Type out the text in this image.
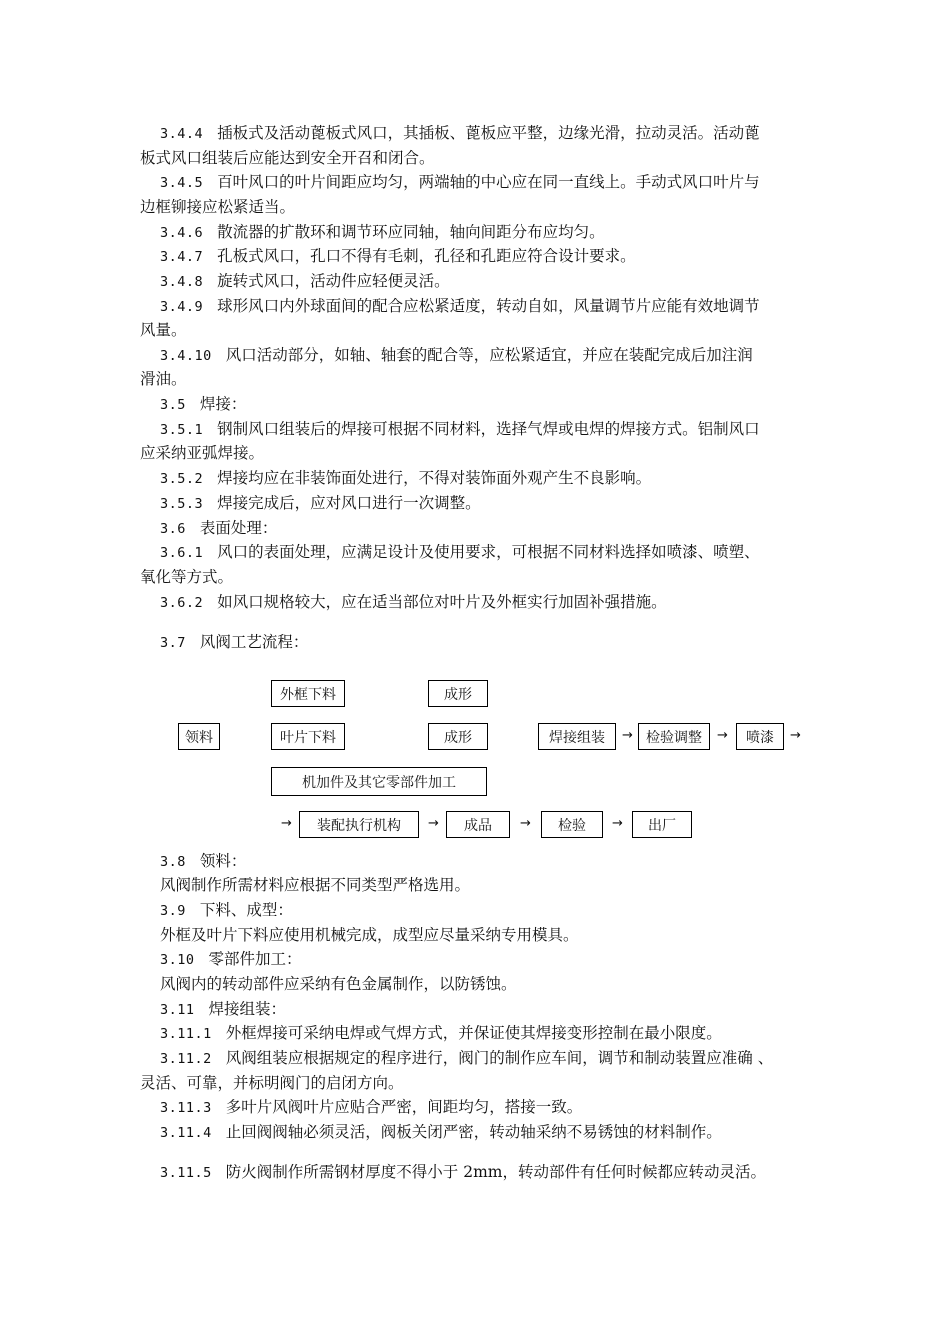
3.4.4 插板式及活动蓖板式风口，其插板、蓖板应平整，边缘光滑，拉动灵活。活动蓖
板式风口组装后应能达到安全开召和闭合。
3.4.5 百叶风口的叶片间距应均匀，两端轴的中心应在同一直线上。手动式风口叶片与
边框铆接应松紧适当。
3.4.6 散流器的扩散环和调节环应同轴，轴向间距分布应均匀。
3.4.7 孔板式风口，孔口不得有毛刺，孔径和孔距应符合设计要求。
3.4.8 旋转式风口，活动件应轻便灵活。
3.4.9 球形风口内外球面间的配合应松紧适度，转动自如，风量调节片应能有效地调节
风量。
3.4.10 风口活动部分，如轴、轴套的配合等，应松紧适宜，并应在装配完成后加注润
滑油。
3.5 焊接：
3.5.1 钢制风口组装后的焊接可根据不同材料，选择气焊或电焊的焊接方式。铝制风口
应采纳亚弧焊接。
3.5.2 焊接均应在非装饰面处进行，不得对装饰面外观产生不良影响。
3.5.3 焊接完成后，应对风口进行一次调整。
3.6 表面处理：
3.6.1 风口的表面处理，应满足设计及使用要求，可根据不同材料选择如喷漆、喷塑、
氧化等方式。
3.6.2 如风口规格较大，应在适当部位对叶片及外框实行加固补强措施。
3.7 风阀工艺流程：
3.8 领料：
风阀制作所需材料应根据不同类型严格选用。
3.9 下料、成型：
外框及叶片下料应使用机械完成，成型应尽量采纳专用模具。
3.10 零部件加工：
风阀内的转动部件应采纳有色金属制作，以防锈蚀。
3.11 焊接组装：
3.11.1 外框焊接可采纳电焊或气焊方式，并保证使其焊接变形控制在最小限度。
3.11.2 风阀组装应根据规定的程序进行，阀门的制作应车间，调节和制动装置应准确 、
灵活、可靠，并标明阀门的启闭方向。
3.11.3 多叶片风阀叶片应贴合严密，间距均匀，搭接一致。
3.11.4 止回阀阀轴必须灵活，阀板关闭严密，转动轴采纳不易锈蚀的材料制作。
3.11.5 防火阀制作所需钢材厚度不得小于 2mm，转动部件有任何时候都应转动灵活。
外框下料	成形
领料	叶片下料	成形	焊接组装	→ 检验调整	→	喷漆	→
机加件及其它零部件加工
→	装配执行机构	→	成品	→	检验	→	出厂
